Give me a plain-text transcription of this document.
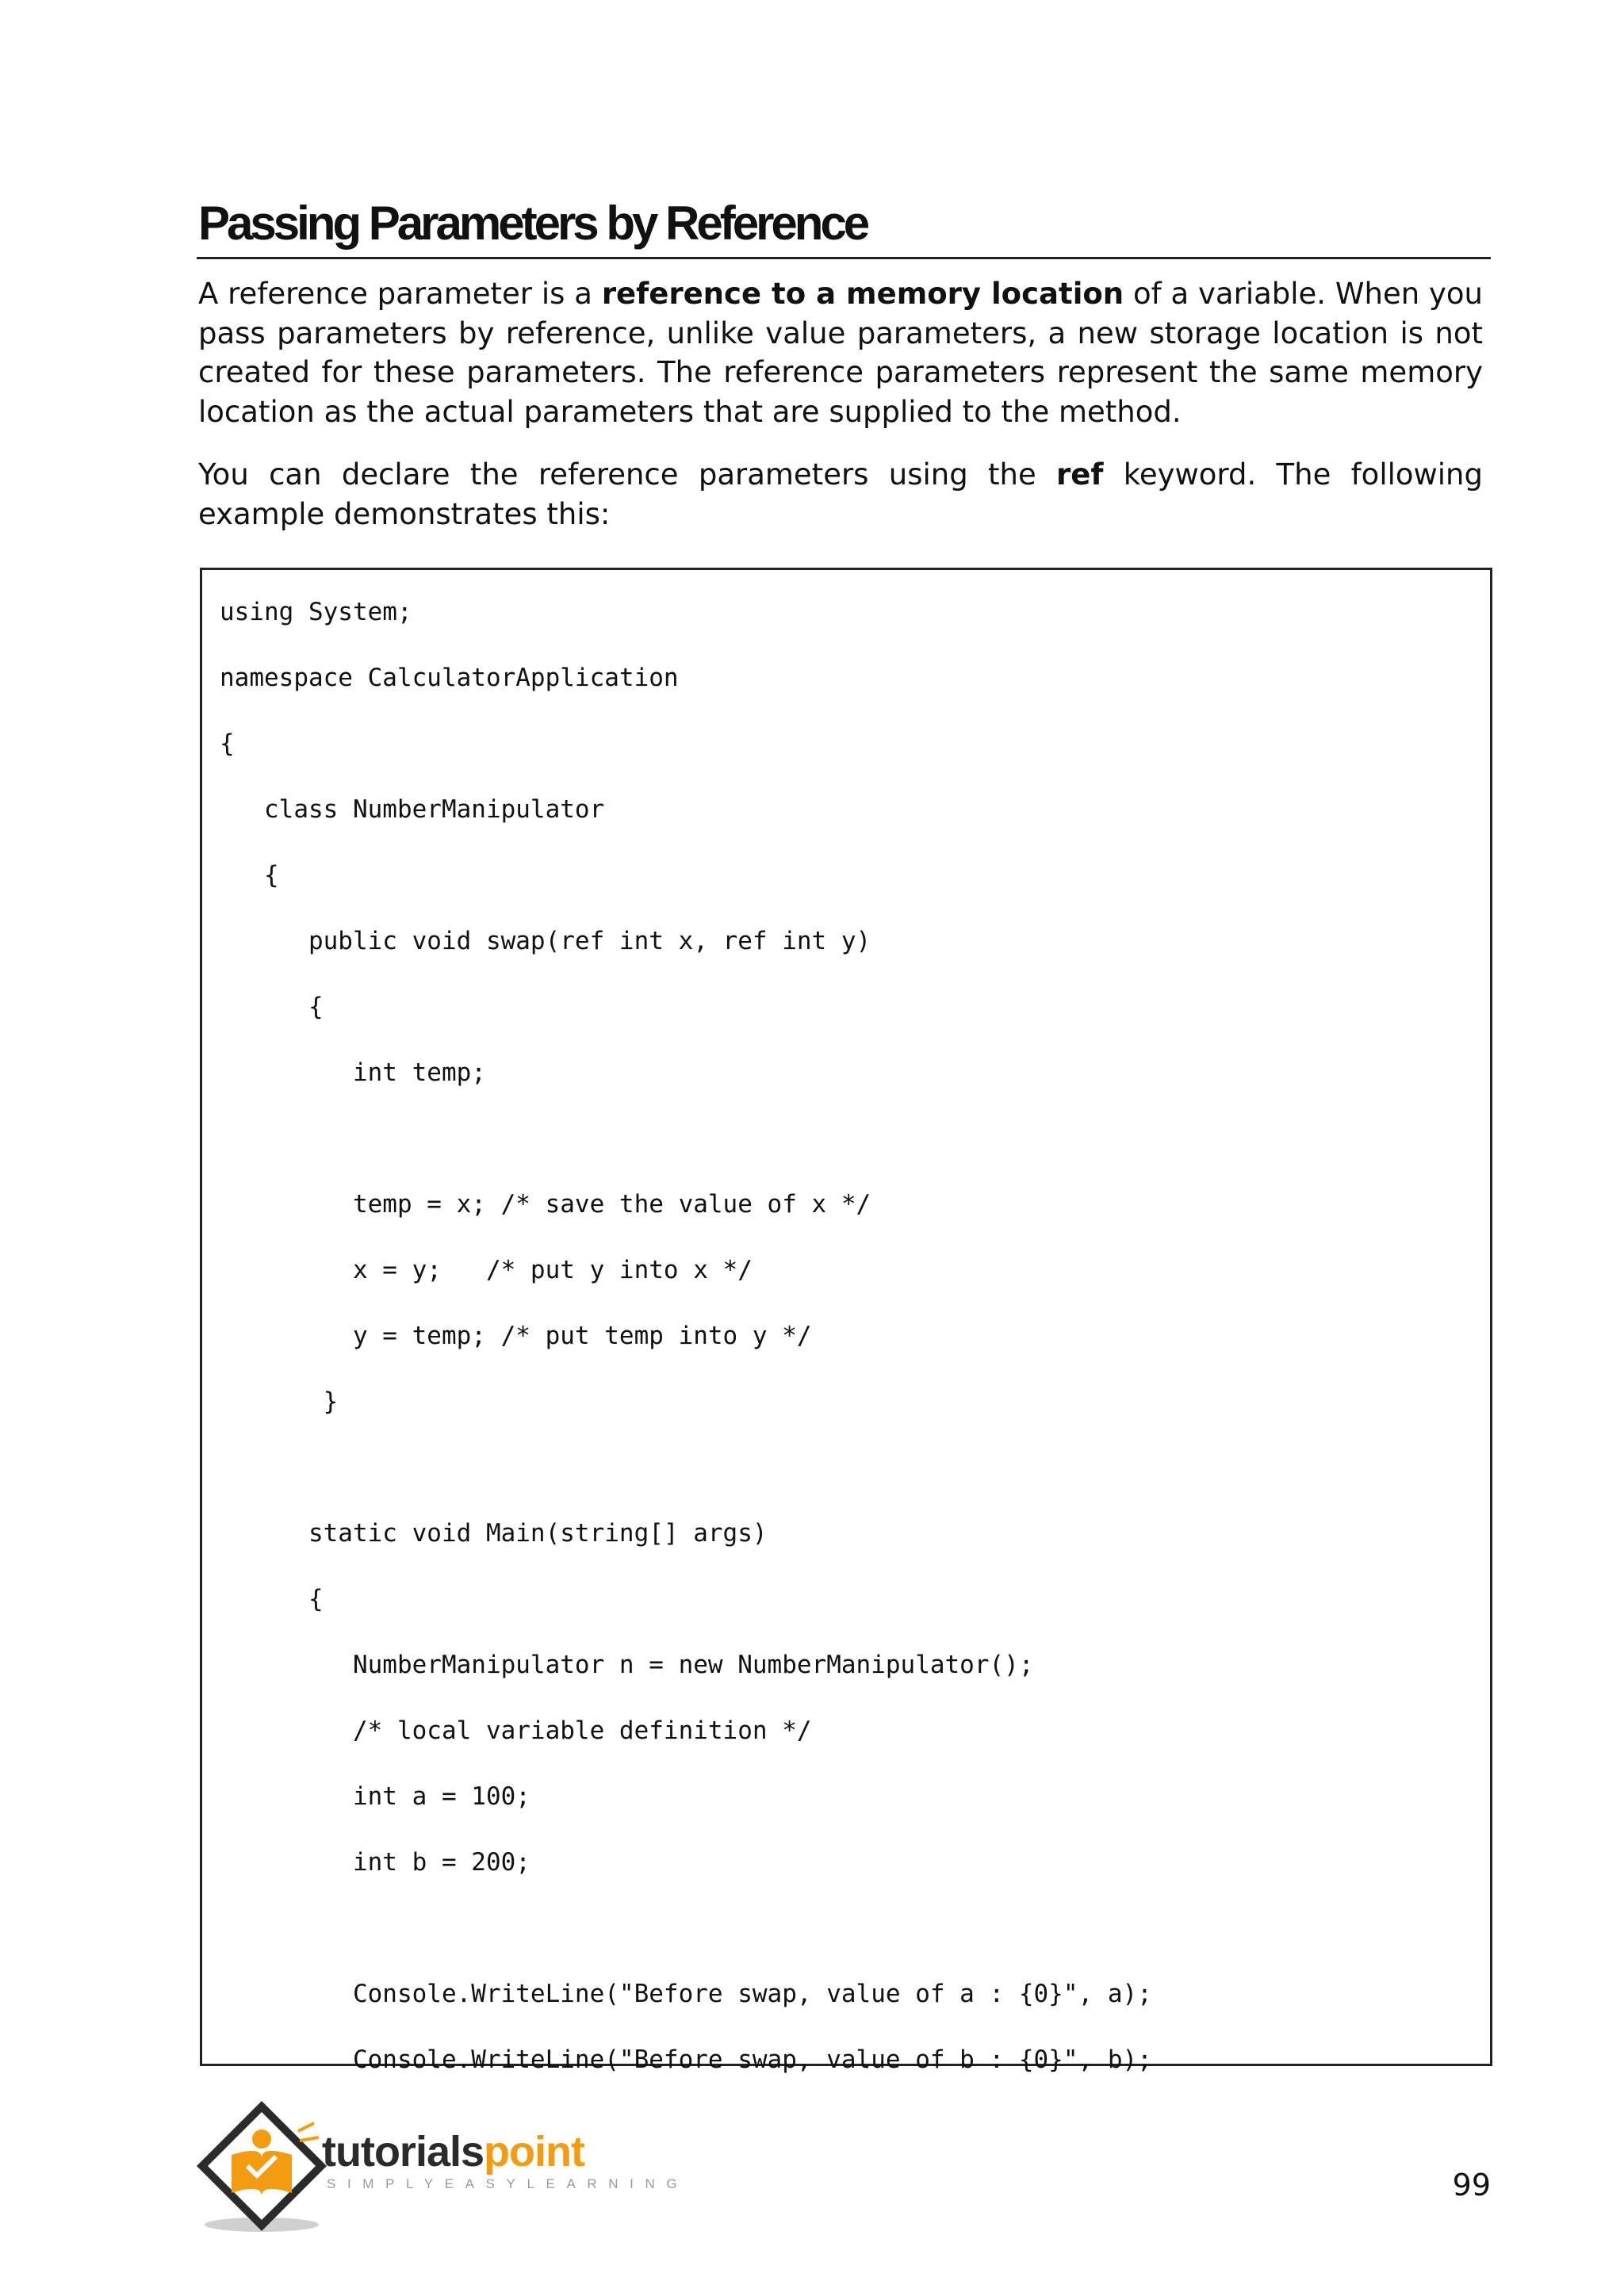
Passing Parameters by Reference

A reference parameter is a reference to a memory location of a variable. When you pass parameters by reference, unlike value parameters, a new storage location is not created for these parameters. The reference parameters represent the same memory location as the actual parameters that are supplied to the method.

You can declare the reference parameters using the ref keyword. The following example demonstrates this:

using System;
namespace CalculatorApplication
{
class NumberManipulator
{
public void swap(ref int x, ref int y)
{
int temp;
temp = x; /* save the value of x */
x = y;   /* put y into x */
y = temp; /* put temp into y */
}
static void Main(string[] args)
{
NumberManipulator n = new NumberManipulator();
/* local variable definition */
int a = 100;
int b = 200;
Console.WriteLine("Before swap, value of a : {0}", a);
Console.WriteLine("Before swap, value of b : {0}", b);
tutorialspoint
SIMPLYEASYLEARNING	99
